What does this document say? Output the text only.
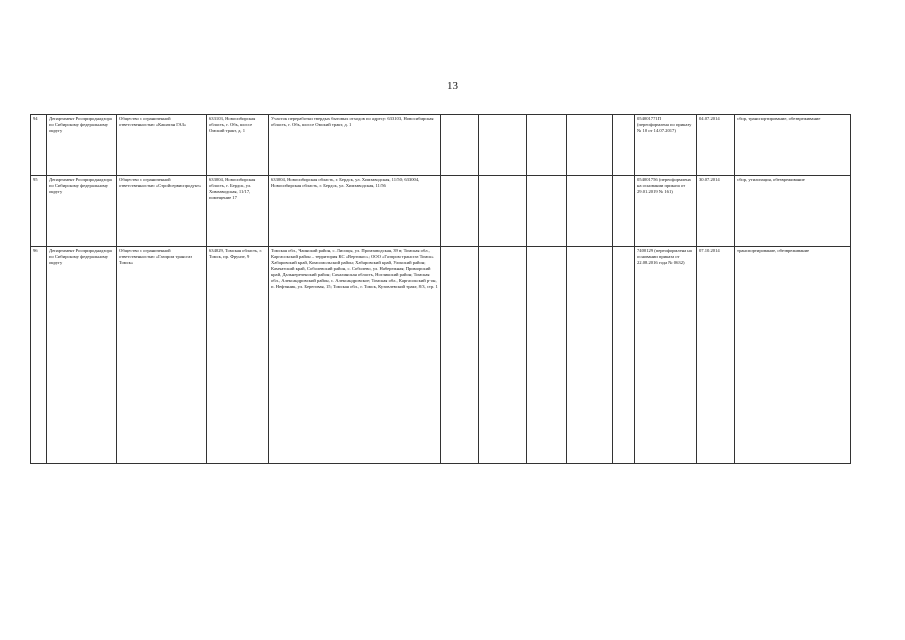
13
94	Департамент Росприроднадзора по Сибирскому федеральному округу	Общество с ограниченной ответственностью «Кашатан ГАЗ»	633103, Новосибирская область, г. Обь, шоссе Омский тракт, д. 1	Участок переработки твердых бытовых отходов по адресу: 633103, Новосибирская область, г. Обь, шоссе Омский тракт, д. 1						054001771П (переоформлена по приказу № 10 от 14.07.2017)	04.07.2014	сбор, транспортирование, обезвреживание
95	Департамент Росприроднадзора по Сибирскому федеральному округу	Общество с ограниченной ответственностью «Стройсервиспродукт»	633004, Новосибирская область, г. Бердск, ул. Химзаводская, 11/17, помещение 17	633004, Новосибирская область, г. Бердск, ул. Химзаводская, 11/50; 633004, Новосибирская область, г. Бердск, ул. Химзаводская, 11/56						054001756 (переоформлена на основании приказа от 29.01.2019 № 161)	30.07.2014	сбор, утилизация, обезвреживание
96	Департамент Росприроднадзора по Сибирскому федеральному округу	Общество с ограниченной ответственностью «Газпром трансгаз Томск»	634029, Томская область, г. Томск, пр. Фрунзе, 9	Томская обл., Чаинский район, с. Лисицы, ул. Промзаводская, 39 в; Томская обл., Каргасокский район – территория КС «Вертикос»; ООО «Газпром трансгаз Томск» Хабаровский край, Комсомольский район; Хабаровский край, Ульчский район; Камчатский край, Соболевский район, с. Соболево, ул. Набережная; Приморский край, Дальнереченский район; Сахалинская область, Ногликский район; Томская обл., Александровский район, с. Александровское; Томская обл., Каргасокский р-он, п. Нефтяник, ул. Береговая, 15; Томская обл., г. Томск, Кузовлевский тракт, 8/3, стр. 1						7400129 (переоформлена на основании приказа от 22.08.2016 года № 0632)	07.10.2014	транспортирование, обезвреживание
